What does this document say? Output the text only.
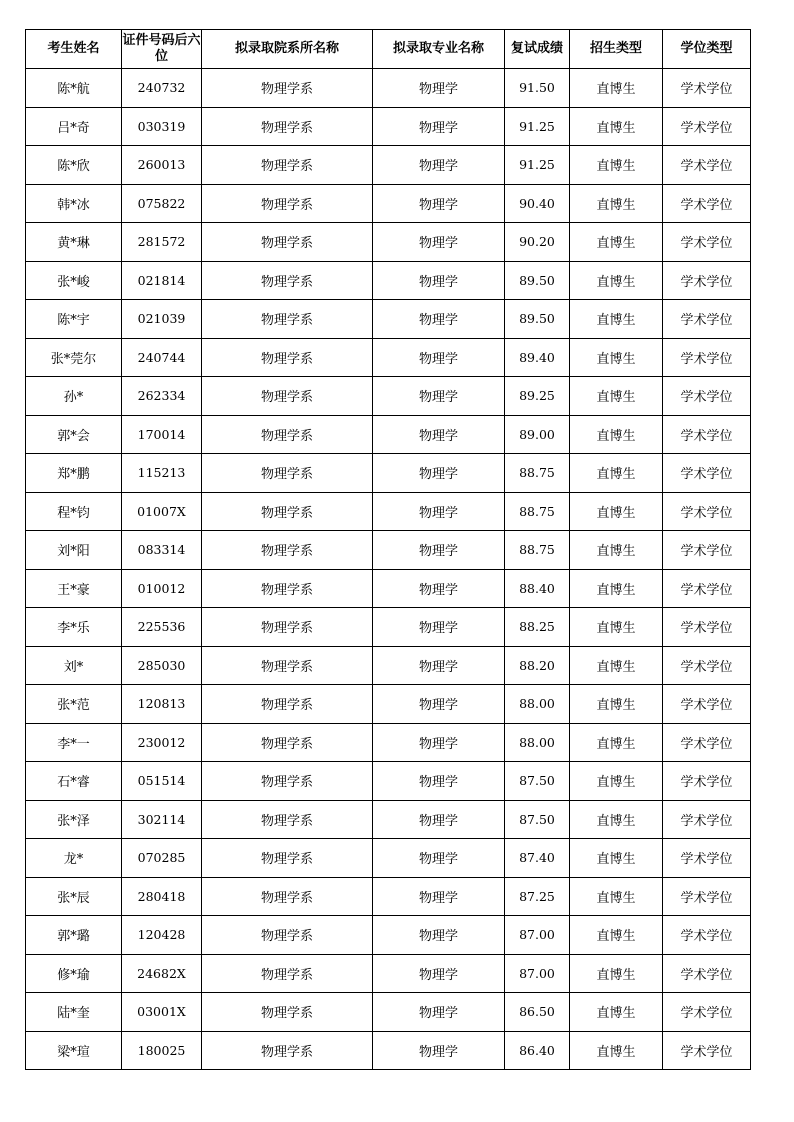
考生姓名	证件号码后六位	拟录取院系所名称	拟录取专业名称	复试成绩	招生类型	学位类型
陈*航	240732	物理学系	物理学	91.50	直博生	学术学位
吕*奇	030319	物理学系	物理学	91.25	直博生	学术学位
陈*欣	260013	物理学系	物理学	91.25	直博生	学术学位
韩*冰	075822	物理学系	物理学	90.40	直博生	学术学位
黄*琳	281572	物理学系	物理学	90.20	直博生	学术学位
张*峻	021814	物理学系	物理学	89.50	直博生	学术学位
陈*宇	021039	物理学系	物理学	89.50	直博生	学术学位
张*莞尔	240744	物理学系	物理学	89.40	直博生	学术学位
孙*	262334	物理学系	物理学	89.25	直博生	学术学位
郭*会	170014	物理学系	物理学	89.00	直博生	学术学位
郑*鹏	115213	物理学系	物理学	88.75	直博生	学术学位
程*钧	01007X	物理学系	物理学	88.75	直博生	学术学位
刘*阳	083314	物理学系	物理学	88.75	直博生	学术学位
王*豪	010012	物理学系	物理学	88.40	直博生	学术学位
李*乐	225536	物理学系	物理学	88.25	直博生	学术学位
刘*	285030	物理学系	物理学	88.20	直博生	学术学位
张*范	120813	物理学系	物理学	88.00	直博生	学术学位
李*一	230012	物理学系	物理学	88.00	直博生	学术学位
石*睿	051514	物理学系	物理学	87.50	直博生	学术学位
张*泽	302114	物理学系	物理学	87.50	直博生	学术学位
龙*	070285	物理学系	物理学	87.40	直博生	学术学位
张*辰	280418	物理学系	物理学	87.25	直博生	学术学位
郭*璐	120428	物理学系	物理学	87.00	直博生	学术学位
修*瑜	24682X	物理学系	物理学	87.00	直博生	学术学位
陆*奎	03001X	物理学系	物理学	86.50	直博生	学术学位
梁*瑄	180025	物理学系	物理学	86.40	直博生	学术学位
